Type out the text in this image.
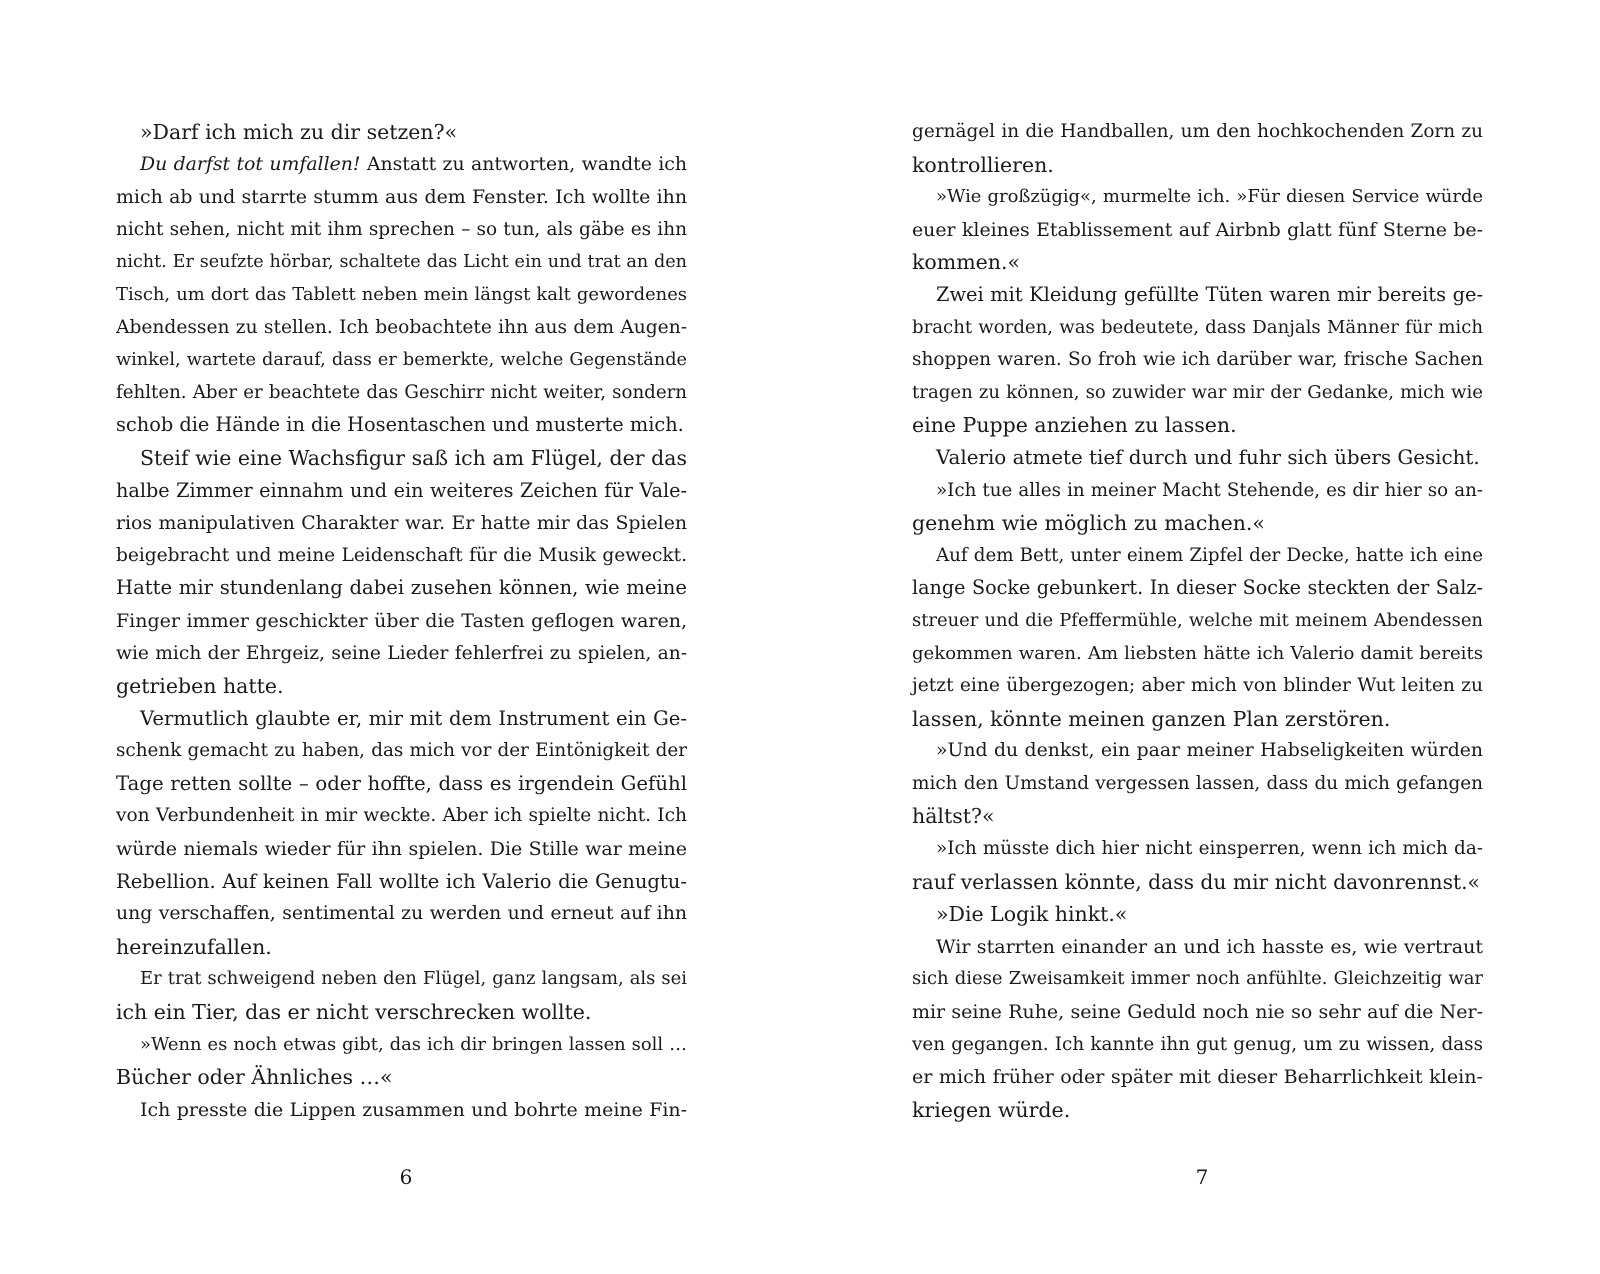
»Darf ich mich zu dir setzen?«
Du darfst tot umfallen! Anstatt zu antworten, wandte ich
mich ab und starrte stumm aus dem Fenster. Ich wollte ihn
nicht sehen, nicht mit ihm sprechen – so tun, als gäbe es ihn
nicht. Er seufzte hörbar, schaltete das Licht ein und trat an den
Tisch, um dort das Tablett neben mein längst kalt gewordenes
Abendessen zu stellen. Ich beobachtete ihn aus dem Augen-
winkel, wartete darauf, dass er bemerkte, welche Gegenstände
fehlten. Aber er beachtete das Geschirr nicht weiter, sondern
schob die Hände in die Hosentaschen und musterte mich.
Steif wie eine Wachsfigur saß ich am Flügel, der das
halbe Zimmer einnahm und ein weiteres Zeichen für Vale-
rios manipulativen Charakter war. Er hatte mir das Spielen
beigebracht und meine Leidenschaft für die Musik geweckt.
Hatte mir stundenlang dabei zusehen können, wie meine
Finger immer geschickter über die Tasten geflogen waren,
wie mich der Ehrgeiz, seine Lieder fehlerfrei zu spielen, an-
getrieben hatte.
Vermutlich glaubte er, mir mit dem Instrument ein Ge-
schenk gemacht zu haben, das mich vor der Eintönigkeit der
Tage retten sollte – oder hoffte, dass es irgendein Gefühl
von Verbundenheit in mir weckte. Aber ich spielte nicht. Ich
würde niemals wieder für ihn spielen. Die Stille war meine
Rebellion. Auf keinen Fall wollte ich Valerio die Genugtu-
ung verschaffen, sentimental zu werden und erneut auf ihn
hereinzufallen.
Er trat schweigend neben den Flügel, ganz langsam, als sei
ich ein Tier, das er nicht verschrecken wollte.
»Wenn es noch etwas gibt, das ich dir bringen lassen soll …
Bücher oder Ähnliches …«
Ich presste die Lippen zusammen und bohrte meine Fin-
gernägel in die Handballen, um den hochkochenden Zorn zu
kontrollieren.
»Wie großzügig«, murmelte ich. »Für diesen Service würde
euer kleines Etablissement auf Airbnb glatt fünf Sterne be-
kommen.«
Zwei mit Kleidung gefüllte Tüten waren mir bereits ge-
bracht worden, was bedeutete, dass Danjals Männer für mich
shoppen waren. So froh wie ich darüber war, frische Sachen
tragen zu können, so zuwider war mir der Gedanke, mich wie
eine Puppe anziehen zu lassen.
Valerio atmete tief durch und fuhr sich übers Gesicht.
»Ich tue alles in meiner Macht Stehende, es dir hier so an-
genehm wie möglich zu machen.«
Auf dem Bett, unter einem Zipfel der Decke, hatte ich eine
lange Socke gebunkert. In dieser Socke steckten der Salz-
streuer und die Pfeffermühle, welche mit meinem Abendessen
gekommen waren. Am liebsten hätte ich Valerio damit bereits
jetzt eine übergezogen; aber mich von blinder Wut leiten zu
lassen, könnte meinen ganzen Plan zerstören.
»Und du denkst, ein paar meiner Habseligkeiten würden
mich den Umstand vergessen lassen, dass du mich gefangen
hältst?«
»Ich müsste dich hier nicht einsperren, wenn ich mich da-
rauf verlassen könnte, dass du mir nicht davonrennst.«
»Die Logik hinkt.«
Wir starrten einander an und ich hasste es, wie vertraut
sich diese Zweisamkeit immer noch anfühlte. Gleichzeitig war
mir seine Ruhe, seine Geduld noch nie so sehr auf die Ner-
ven gegangen. Ich kannte ihn gut genug, um zu wissen, dass
er mich früher oder später mit dieser Beharrlichkeit klein-
kriegen würde.
6	7
